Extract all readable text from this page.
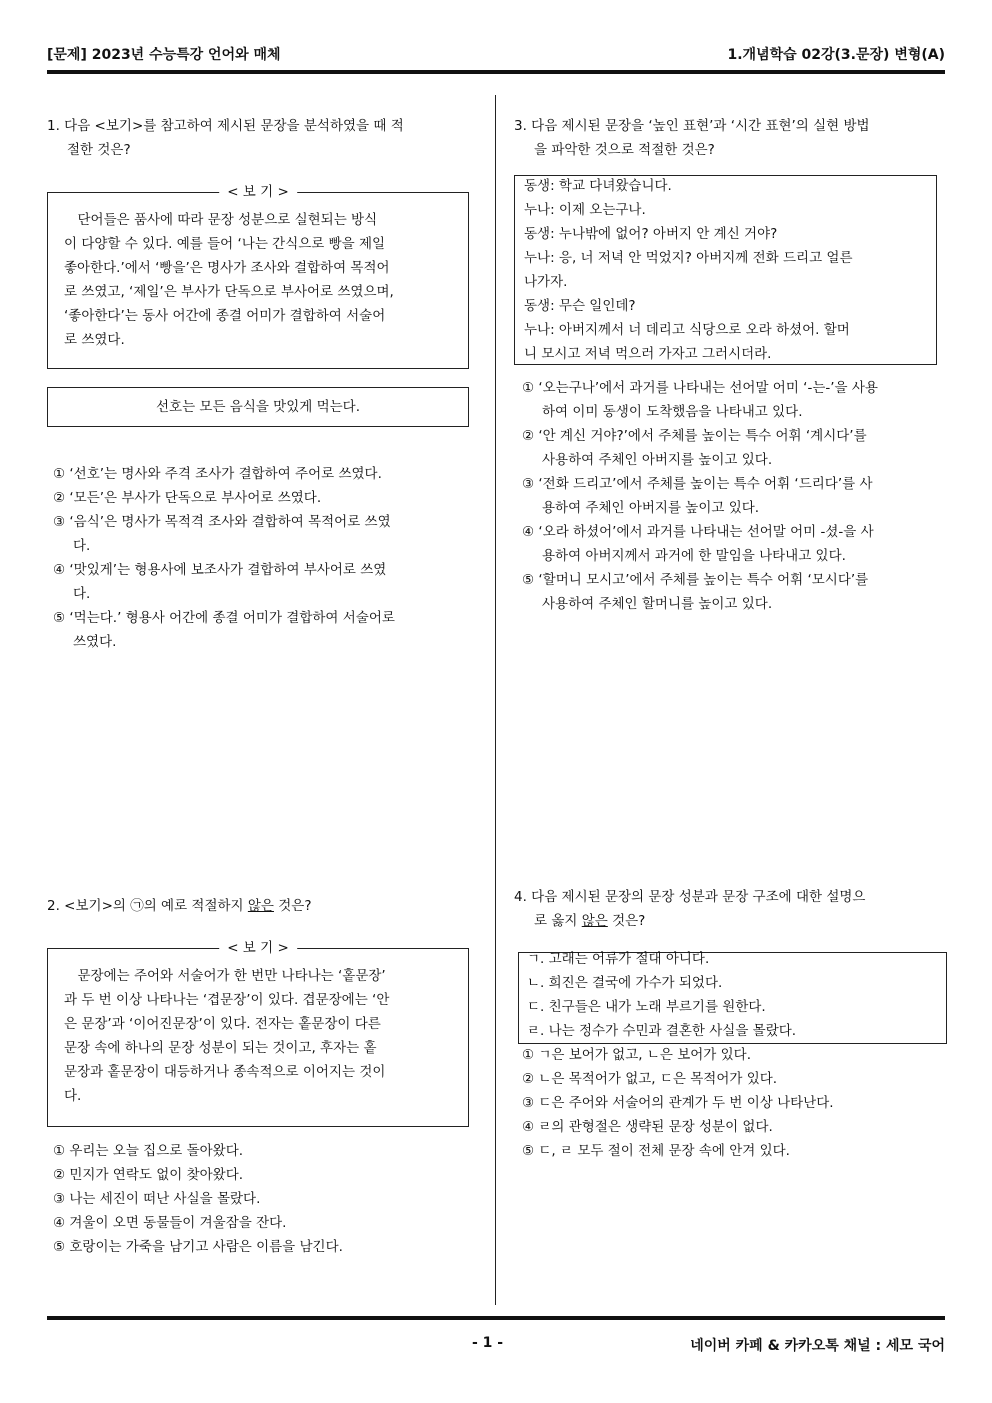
[문제] 2023년 수능특강 언어와 매체	1.개념학습 02강(3.문장) 변형(A)
1. 다음 <보기>를 참고하여 제시된 문장을 분석하였을 때 적
절한 것은?
< 보 기 >
　단어들은 품사에 따라 문장 성분으로 실현되는 방식
이 다양할 수 있다. 예를 들어 ‘나는 간식으로 빵을 제일
좋아한다.’에서 ‘빵을’은 명사가 조사와 결합하여 목적어
로 쓰였고, ‘제일’은 부사가 단독으로 부사어로 쓰였으며,
‘좋아한다’는 동사 어간에 종결 어미가 결합하여 서술어
로 쓰였다.
선호는 모든 음식을 맛있게 먹는다.
① ‘선호’는 명사와 주격 조사가 결합하여 주어로 쓰였다.
② ‘모든’은 부사가 단독으로 부사어로 쓰였다.
③ ‘음식’은 명사가 목적격 조사와 결합하여 목적어로 쓰였
다.
④ ‘맛있게’는 형용사에 보조사가 결합하여 부사어로 쓰였
다.
⑤ ‘먹는다.’ 형용사 어간에 종결 어미가 결합하여 서술어로
쓰였다.
2. <보기>의 ㉠의 예로 적절하지 않은 것은?
< 보 기 >
　문장에는 주어와 서술어가 한 번만 나타나는 ‘홑문장’
과 두 번 이상 나타나는 ‘겹문장’이 있다. 겹문장에는 ‘안
은 문장’과 ‘이어진문장’이 있다. 전자는 홑문장이 다른
문장 속에 하나의 문장 성분이 되는 것이고, 후자는 홑
문장과 홑문장이 대등하거나 종속적으로 이어지는 것이
다.
① 우리는 오늘 집으로 돌아왔다.
② 민지가 연락도 없이 찾아왔다.
③ 나는 세진이 떠난 사실을 몰랐다.
④ 겨울이 오면 동물들이 겨울잠을 잔다.
⑤ 호랑이는 가죽을 남기고 사람은 이름을 남긴다.
3. 다음 제시된 문장을 ‘높인 표현’과 ‘시간 표현’의 실현 방법
을 파악한 것으로 적절한 것은?
동생: 학교 다녀왔습니다.
누나: 이제 오는구나.
동생: 누나밖에 없어? 아버지 안 계신 거야?
누나: 응, 너 저녁 안 먹었지? 아버지께 전화 드리고 얼른
나가자.
동생: 무슨 일인데?
누나: 아버지께서 너 데리고 식당으로 오라 하셨어. 할머
니 모시고 저녁 먹으러 가자고 그러시더라.
① ‘오는구나’에서 과거를 나타내는 선어말 어미 ‘-는-’을 사용
하여 이미 동생이 도착했음을 나타내고 있다.
② ‘안 계신 거야?’에서 주체를 높이는 특수 어휘 ‘계시다’를
사용하여 주체인 아버지를 높이고 있다.
③ ‘전화 드리고’에서 주체를 높이는 특수 어휘 ‘드리다’를 사
용하여 주체인 아버지를 높이고 있다.
④ ‘오라 하셨어’에서 과거를 나타내는 선어말 어미 -셨-을 사
용하여 아버지께서 과거에 한 말임을 나타내고 있다.
⑤ ‘할머니 모시고’에서 주체를 높이는 특수 어휘 ‘모시다’를
사용하여 주체인 할머니를 높이고 있다.
4. 다음 제시된 문장의 문장 성분과 문장 구조에 대한 설명으
로 옳지 않은 것은?
ㄱ. 고래는 어류가 절대 아니다.
ㄴ. 희진은 결국에 가수가 되었다.
ㄷ. 친구들은 내가 노래 부르기를 원한다.
ㄹ. 나는 정수가 수민과 결혼한 사실을 몰랐다.
① ㄱ은 보어가 없고, ㄴ은 보어가 있다.
② ㄴ은 목적어가 없고, ㄷ은 목적어가 있다.
③ ㄷ은 주어와 서술어의 관계가 두 번 이상 나타난다.
④ ㄹ의 관형절은 생략된 문장 성분이 없다.
⑤ ㄷ, ㄹ 모두 절이 전체 문장 속에 안겨 있다.
- 1 -	네이버 카페 & 카카오톡 채널 : 세모 국어
